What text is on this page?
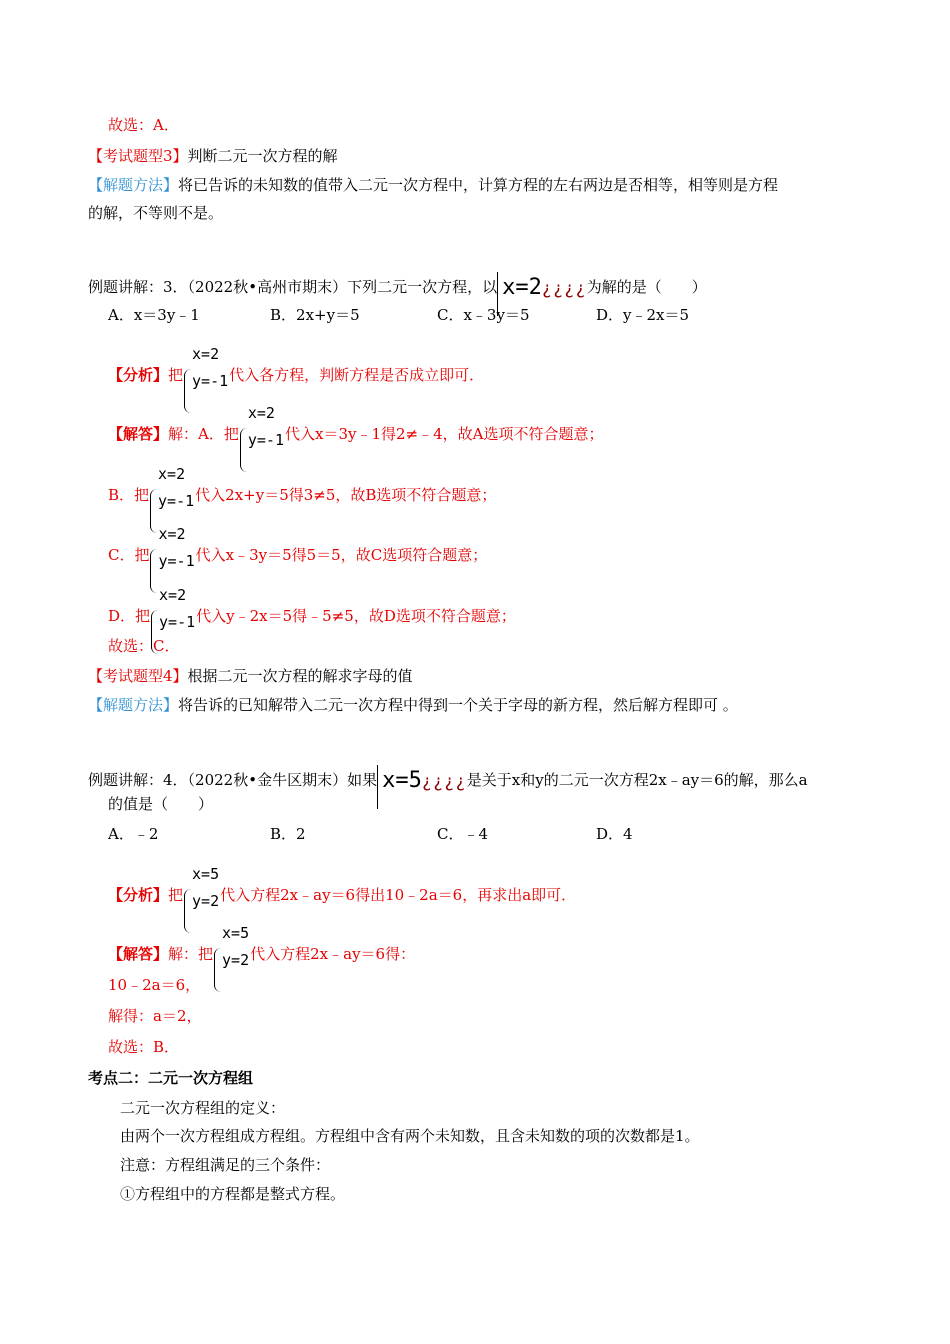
故选：A．
【考试题型3】判断二元一次方程的解
【解题方法】将已告诉的未知数的值带入二元一次方程中，计算方程的左右两边是否相等，相等则是方程
的解，不等则不是。
例题讲解：3．（2022秋•高州市期末）下列二元一次方程，以 x=2¿¿¿¿为解的是（　　）
A．x＝3y﹣1	B．2x+y＝5	C．x﹣3y＝5	D．y﹣2x＝5
【分析】把
x=2
y=-1代入各方程，判断方程是否成立即可．
【解答】解：A．把
x=2
y=-1代入x＝3y﹣1得2≠﹣4，故A选项不符合题意；
B．把
x=2
y=-1代入2x+y＝5得3≠5，故B选项不符合题意；
C．把
x=2
y=-1代入x﹣3y＝5得5＝5，故C选项符合题意；
D．把
x=2
y=-1代入y﹣2x＝5得﹣5≠5，故D选项不符合题意；
故选：C．
【考试题型4】根据二元一次方程的解求字母的值
【解题方法】将告诉的已知解带入二元一次方程中得到一个关于字母的新方程，然后解方程即可 。
例题讲解：4．（2022秋•金牛区期末）如果 x=5¿¿¿¿是关于x和y的二元一次方程2x﹣ay＝6的解，那么a
的值是（　　）
A．﹣2	B．2	C．﹣4	D．4
【分析】把
x=5
y=2代入方程2x﹣ay＝6得出10﹣2a＝6，再求出a即可．
【解答】解：把
x=5
y=2代入方程2x﹣ay＝6得：
10﹣2a＝6，
解得：a＝2，
故选：B．
考点二：二元一次方程组
二元一次方程组的定义：
由两个一次方程组成方程组。方程组中含有两个未知数，且含未知数的项的次数都是1。
注意：方程组满足的三个条件：
①方程组中的方程都是整式方程。
